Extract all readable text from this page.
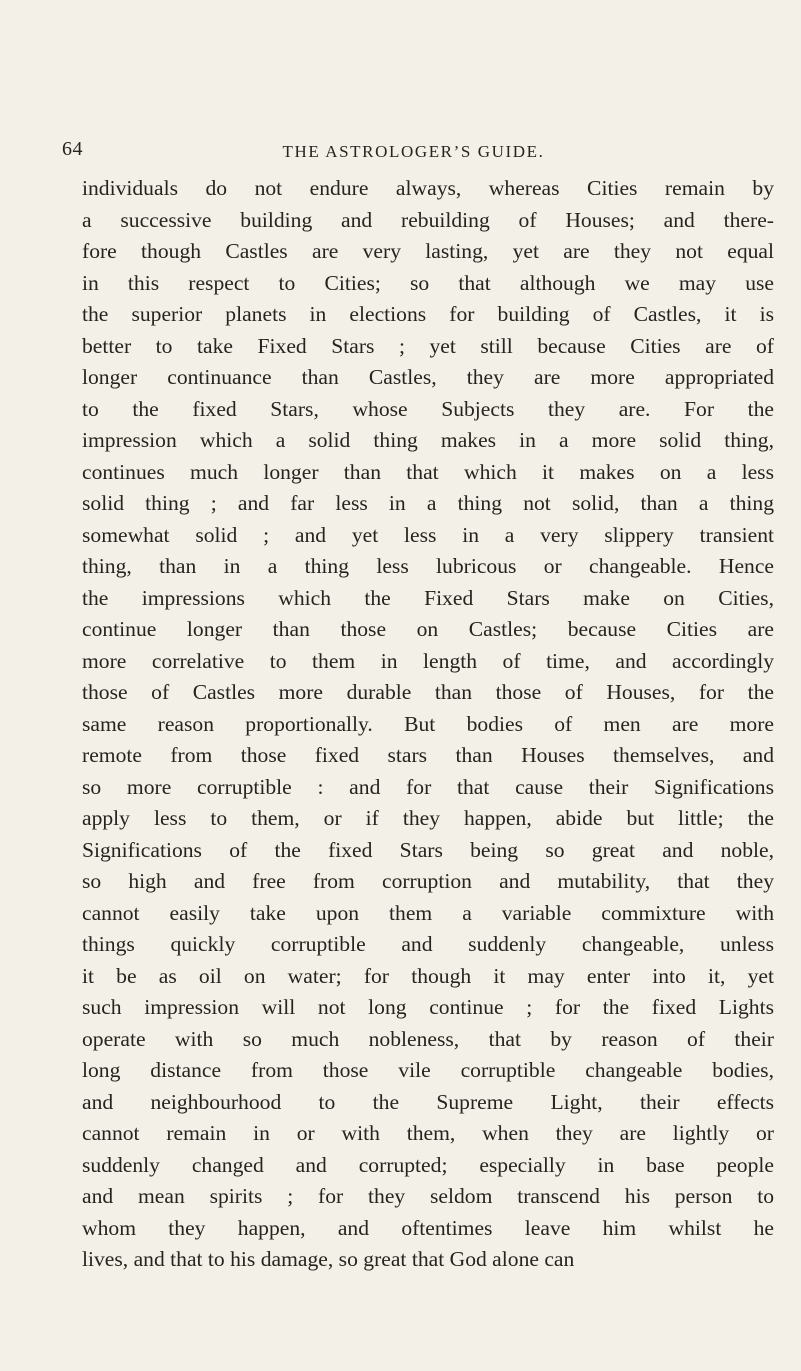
64	THE ASTROLOGER’S GUIDE.
individuals do not endure always, whereas Cities remain by
a successive building and rebuilding of Houses; and there-
fore though Castles are very lasting, yet are they not equal
in this respect to Cities; so that although we may use
the superior planets in elections for building of Castles, it is
better to take Fixed Stars ; yet still because Cities are of
longer continuance than Castles, they are more appropriated
to the fixed Stars, whose Subjects they are. For the
impression which a solid thing makes in a more solid thing,
continues much longer than that which it makes on a less
solid thing ; and far less in a thing not solid, than a thing
somewhat solid ; and yet less in a very slippery transient
thing, than in a thing less lubricous or changeable. Hence
the impressions which the Fixed Stars make on Cities,
continue longer than those on Castles; because Cities are
more correlative to them in length of time, and accordingly
those of Castles more durable than those of Houses, for the
same reason proportionally. But bodies of men are more
remote from those fixed stars than Houses themselves, and
so more corruptible : and for that cause their Significations
apply less to them, or if they happen, abide but little; the
Significations of the fixed Stars being so great and noble,
so high and free from corruption and mutability, that they
cannot easily take upon them a variable commixture with
things quickly corruptible and suddenly changeable, unless
it be as oil on water; for though it may enter into it, yet
such impression will not long continue ; for the fixed Lights
operate with so much nobleness, that by reason of their
long distance from those vile corruptible changeable bodies,
and neighbourhood to the Supreme Light, their effects
cannot remain in or with them, when they are lightly or
suddenly changed and corrupted; especially in base people
and mean spirits ; for they seldom transcend his person to
whom they happen, and oftentimes leave him whilst he
lives, and that to his damage, so great that God alone can
